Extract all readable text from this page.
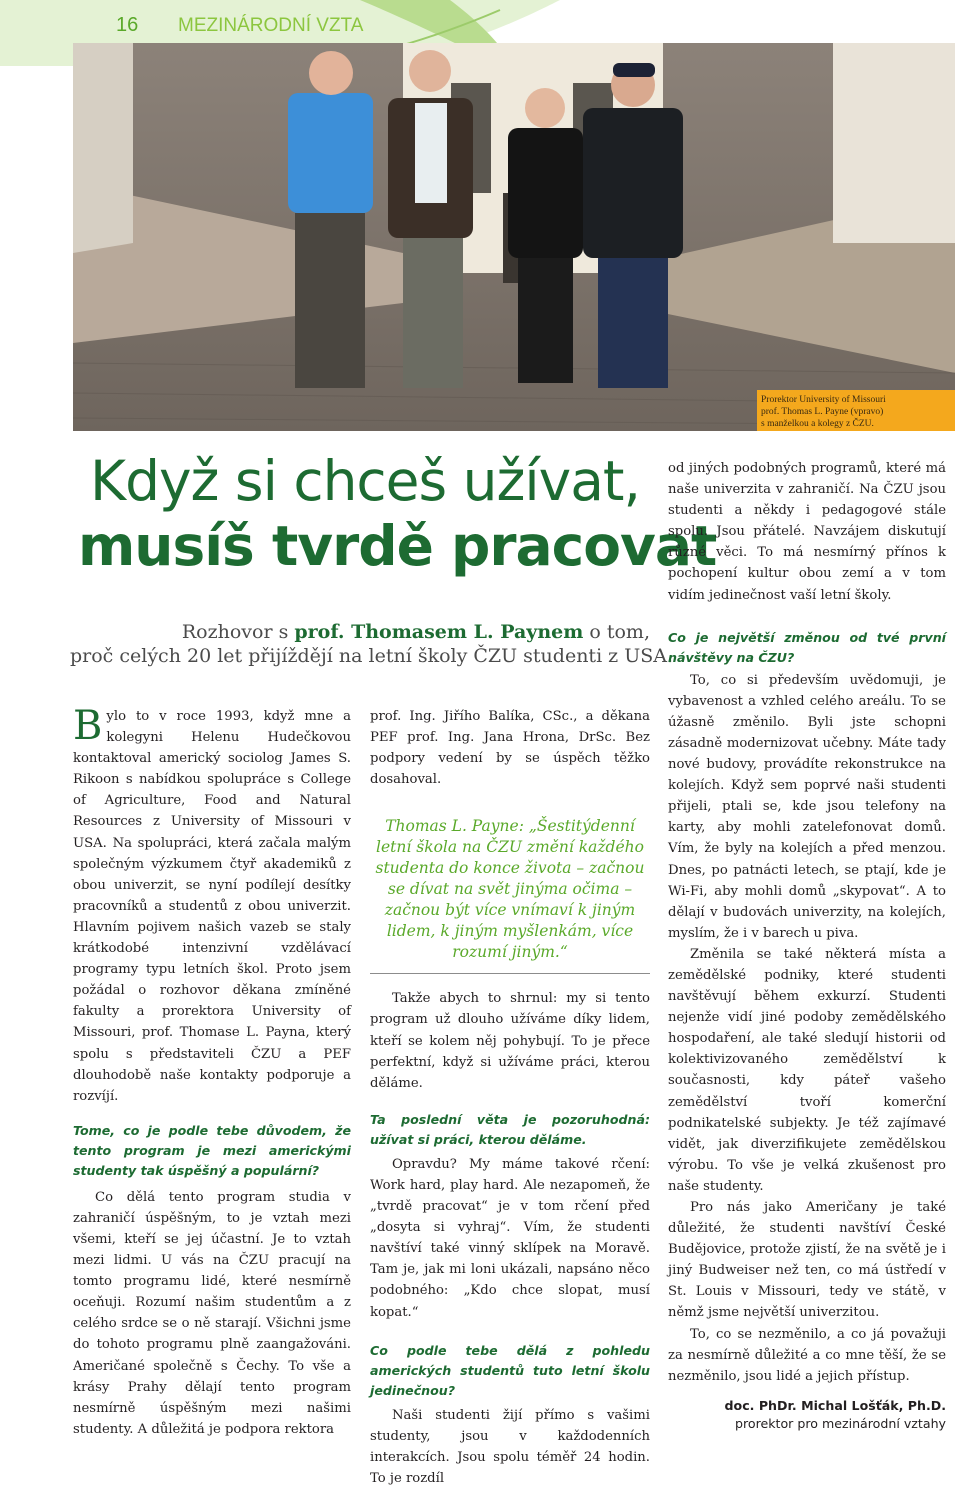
16 MEZINÁRODNÍ VZTA
Prorektor University of Missouri
prof. Thomas L. Payne (vpravo)
s manželkou a kolegy z ČZU.
Když si chceš užívat,
musíš tvrdě pracovat
Rozhovor s prof. Thomasem L. Paynem o tom,
proč celých 20 let přijíždějí na letní školy ČZU studenti z USA.

Bylo to v roce 1993, když mne a kolegyni Helenu Hudečkovou kontaktoval americký sociolog James S. Rikoon s nabídkou spolupráce s College of Agriculture, Food and Natural Resources z University of Missouri v USA. Na spolupráci, která začala malým společným výzkumem čtyř akademiků z obou univerzit, se nyní podílejí desítky pracovníků a studentů z obou univerzit. Hlavním pojivem našich vazeb se staly krátkodobé intenzivní vzdělávací programy typu letních škol. Proto jsem požádal o rozhovor děkana zmíněné fakulty a prorektora University of Missouri, prof. Thomase L. Payna, který spolu s představiteli ČZU a PEF dlouhodobě naše kontakty podporuje a rozvíjí.

Tome, co je podle tebe důvodem, že tento program je mezi americkými studenty tak úspěšný a populární?

Co dělá tento program studia v zahraničí úspěšným, to je vztah mezi všemi, kteří se jej účastní. Je to vztah mezi lidmi. U vás na ČZU pracují na tomto programu lidé, které nesmírně oceňuji. Rozumí našim studentům a z celého srdce se o ně starají. Všichni jsme do tohoto programu plně zaangažováni. Američané společně s Čechy. To vše a krásy Prahy dělají tento program nesmírně úspěšným mezi našimi studenty. A důležitá je podpora rektora

prof. Ing. Jiřího Balíka, CSc., a děkana PEF prof. Ing. Jana Hrona, DrSc. Bez podpory vedení by se úspěch těžko dosahoval.

Thomas L. Payne: „Šestitýdenní letní škola na ČZU změní každého studenta do konce života – začnou se dívat na svět jinýma očima – začnou být více vnímaví k jiným lidem, k jiným myšlenkám, více rozumí jiným.“

Takže abych to shrnul: my si tento program už dlouho užíváme díky lidem, kteří se kolem něj pohybují. To je přece perfektní, když si užíváme práci, kterou děláme.

Ta poslední věta je pozoruhodná: užívat si práci, kterou děláme.

Opravdu? My máme takové rčení: Work hard, play hard. Ale nezapomeň, že „tvrdě pracovat“ je v tom rčení před „dosyta si vyhraj“. Vím, že studenti navštíví také vinný sklípek na Moravě. Tam je, jak mi loni ukázali, napsáno něco podobného: „Kdo chce slopat, musí kopat.“

Co podle tebe dělá z pohledu amerických studentů tuto letní školu jedinečnou?

Naši studenti žijí přímo s vašimi studenty, jsou v každodenních interakcích. Jsou spolu téměř 24 hodin. To je rozdíl

od jiných podobných programů, které má naše univerzita v zahraničí. Na ČZU jsou studenti a někdy i pedagogové stále spolu. Jsou přátelé. Navzájem diskutují různé věci. To má nesmírný přínos k pochopení kultur obou zemí a v tom vidím jedinečnost vaší letní školy.

Co je největší změnou od tvé první návštěvy na ČZU?

To, co si především uvědomuji, je vybavenost a vzhled celého areálu. To se úžasně změnilo. Byli jste schopni zásadně modernizovat učebny. Máte tady nové budovy, provádíte rekonstrukce na kolejích. Když sem poprvé naši studenti přijeli, ptali se, kde jsou telefony na karty, aby mohli zatelefonovat domů. Vím, že byly na kolejích a před menzou. Dnes, po patnácti letech, se ptají, kde je Wi-Fi, aby mohli domů „skypovat“. A to dělají v budovách univerzity, na kolejích, myslím, že i v barech u piva.

Změnila se také některá místa a zemědělské podniky, které studenti navštěvují během exkurzí. Studenti nejenže vidí jiné podoby zemědělského hospodaření, ale také sledují historii od kolektivizovaného zemědělství k současnosti, kdy páteř vašeho zemědělství tvoří komerční podnikatelské subjekty. Je též zajímavé vidět, jak diverzifikujete zemědělskou výrobu. To vše je velká zkušenost pro naše studenty.

Pro nás jako Američany je také důležité, že studenti navštíví České Budějovice, protože zjistí, že na světě je i jiný Budweiser než ten, co má ústředí v St. Louis v Missouri, tedy ve státě, v němž jsme největší univerzitou.

To, co se nezměnilo, a co já považuji za nesmírně důležité a co mne těší, že se nezměnilo, jsou lidé a jejich přístup.

doc. PhDr. Michal Lošťák, Ph.D.
prorektor pro mezinárodní vztahy
